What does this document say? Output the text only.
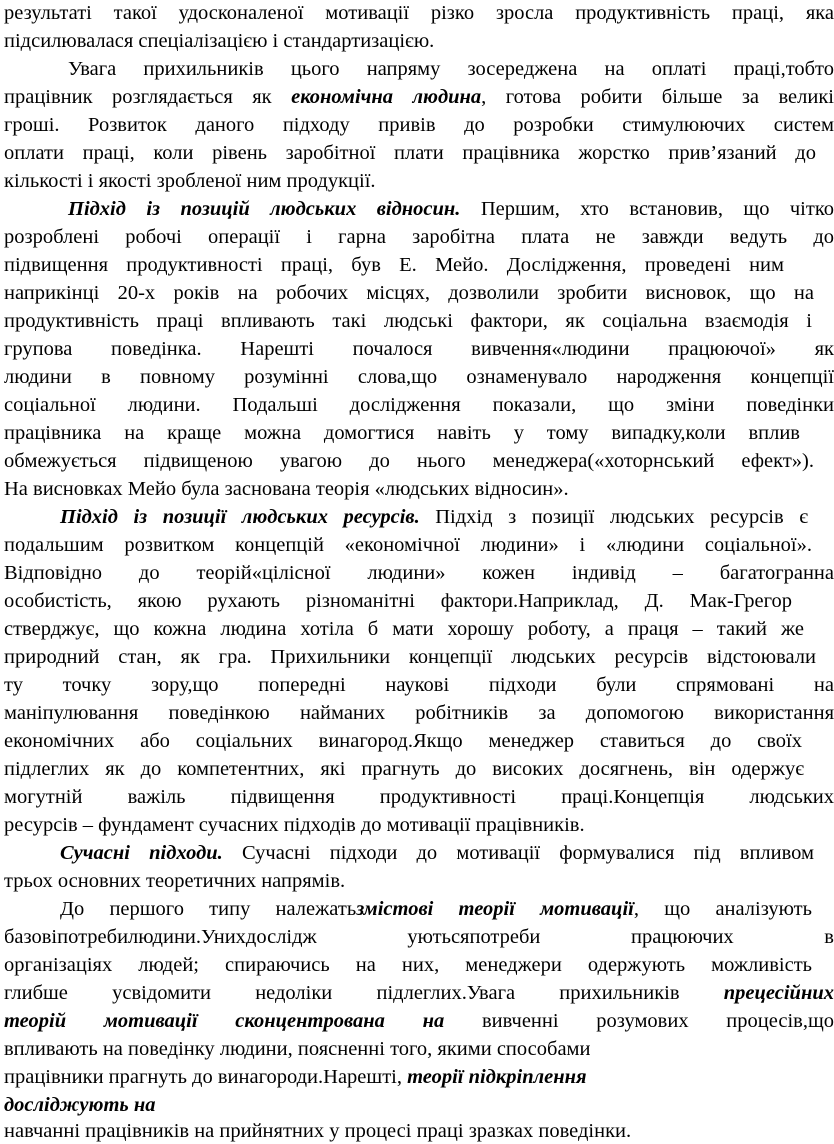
результаті такої удосконаленої мотивації різко зросла продуктивність праці, яка
підсилювалася спеціалізацією і стандартизацією.
Увага прихильників цього напряму зосереджена на оплаті праці,тобто
працівник розглядається як економічна людина, готова робити більше за великі
гроші. Розвиток даного підходу привів до розробки стимулюючих систем
оплати праці, коли рівень заробітної плати працівника жорстко прив’язаний до
кількості і якості зробленої ним продукції.
Підхід із позицій людських відносин. Першим, хто встановив, що чітко
розроблені робочі операції і гарна заробітна плата не завжди ведуть до
підвищення продуктивності праці, був Е. Мейо. Дослідження, проведені ним
наприкінці 20-х років на робочих місцях, дозволили зробити висновок, що на
продуктивність праці впливають такі людські фактори, як соціальна взаємодія і
групова поведінка. Нарешті почалося вивчення«людини працюючої» як
людини в повному розумінні слова,що ознаменувало народження концепції
соціальної людини. Подальші дослідження показали, що зміни поведінки
працівника на краще можна домогтися навіть у тому випадку,коли вплив
обмежується підвищеною увагою до нього менеджера(«хоторнський ефект»).
На висновках Мейо була заснована теорія «людських відносин».
Підхід із позиції людських ресурсів. Підхід з позиції людських ресурсів є
подальшим розвитком концепцій «економічної людини» і «людини соціальної».
Відповідно до теорій«цілісної людини» кожен індивід – багатогранна
особистість, якою рухають різноманітні фактори.Наприклад, Д. Мак-Грегор
стверджує, що кожна людина хотіла б мати хорошу роботу, а праця – такий же
природний стан, як гра. Прихильники концепції людських ресурсів відстоювали
ту точку зору,що попередні наукові підходи були спрямовані на
маніпулювання поведінкою найманих робітників за допомогою використання
економічних або соціальних винагород.Якщо менеджер ставиться до своїх
підлеглих як до компетентних, які прагнуть до високих досягнень, він одержує
могутній важіль підвищення продуктивності праці.Концепція людських
ресурсів – фундамент сучасних підходів до мотивації працівників.
Сучасні підходи. Сучасні підходи до мотивації формувалися під впливом
трьох основних теоретичних напрямів.
До першого типу належатьзмістові теорії мотивації, що аналізують
базовіпотребилюдини.Унихдослідж уютьсяпотреби працюючих в
організаціях людей; спираючись на них, менеджери одержують можливість
глибше усвідомити недоліки підлеглих.Увага прихильників прецесійних
теорій мотивації сконцентрована на вивченні розумових процесів,що
впливають на поведінку людини, поясненні того, якими способами
працівники прагнуть до винагороди.Нарешті, теорії підкріплення
досліджують на
навчанні працівників на прийнятних у процесі праці зразках поведінки.
